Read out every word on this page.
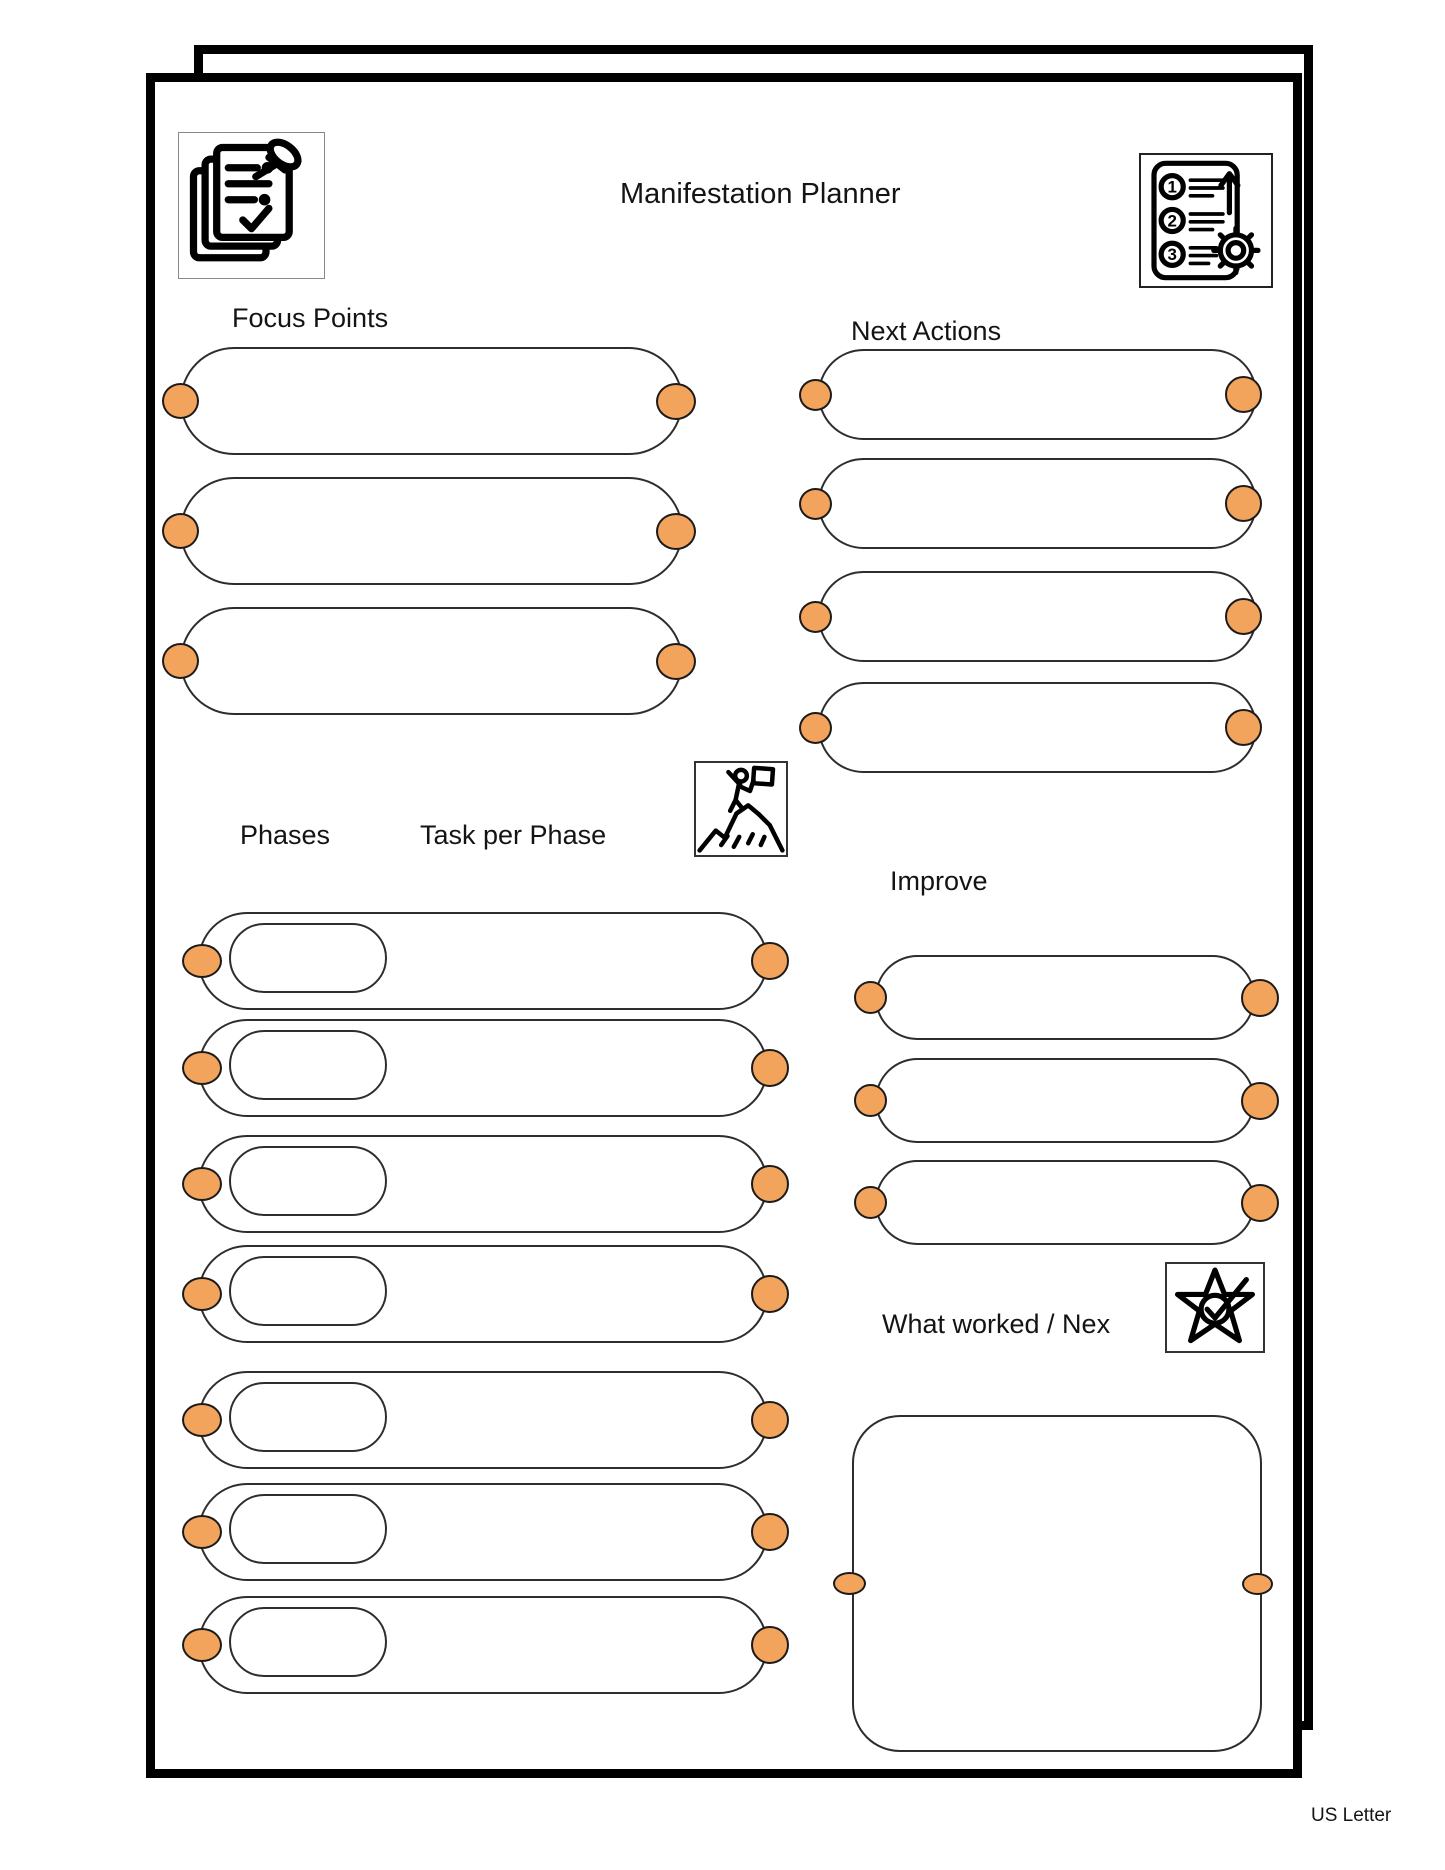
Manifestation Planner	1
2
3
Focus Points	Next Actions
Phases	Task per Phase
Improve
What worked / Nex
US Letter
